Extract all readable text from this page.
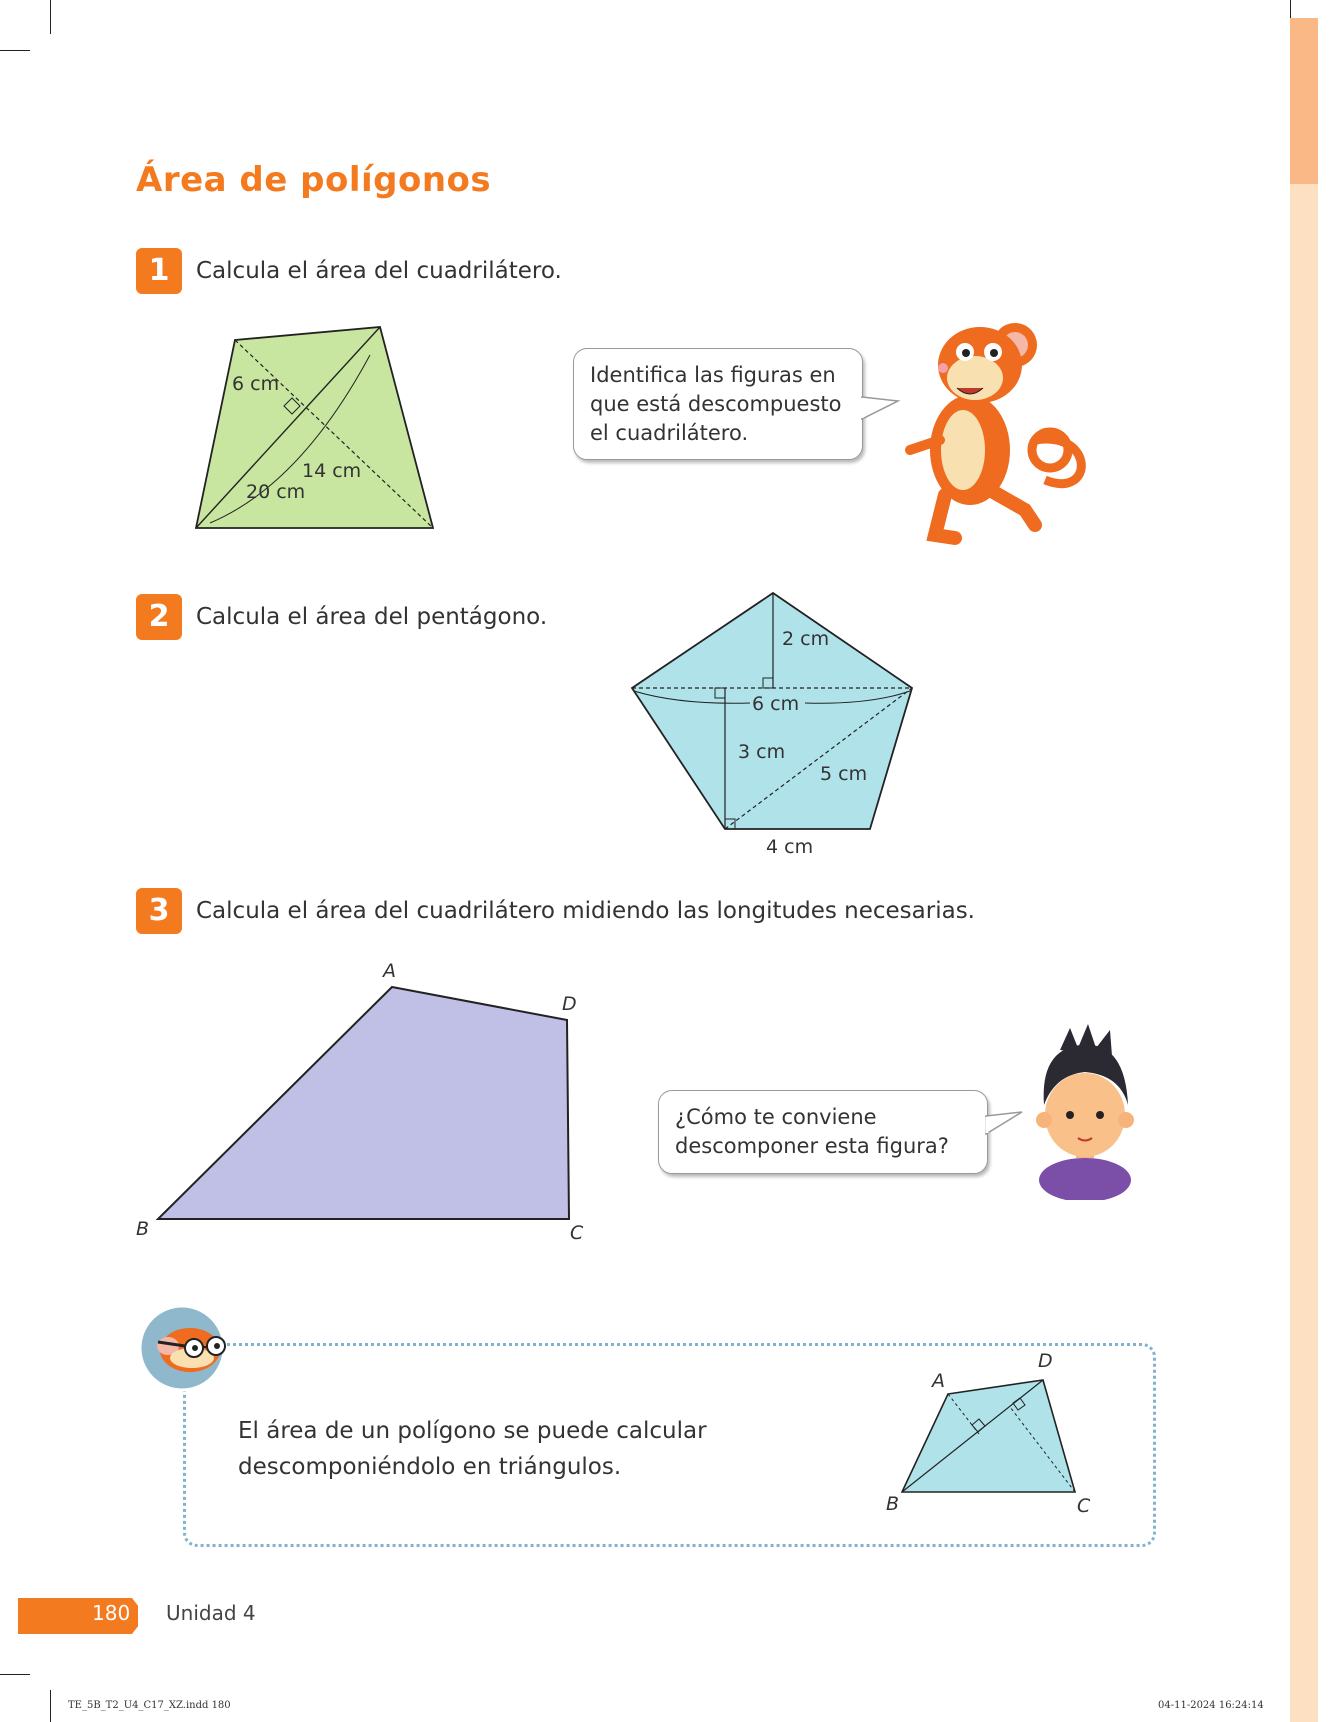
Área de polígonos
1	Calcula el área del cuadrilátero.
6 cm
14 cm
20 cm
Identifica las figuras en
que está descompuesto
el cuadrilátero.
2	Calcula el área del pentágono.
2 cm
6 cm
3 cm
5 cm
4 cm
3	Calcula el área del cuadrilátero midiendo las longitudes necesarias.
A
D
B	C
¿Cómo te conviene
descomponer esta figura?
El área de un polígono se puede calcular
descomponiéndolo en triángulos.
A
D
B	C
180 Unidad 4
TE_5B_T2_U4_C17_XZ.indd 180	04-11-2024 16:24:14
